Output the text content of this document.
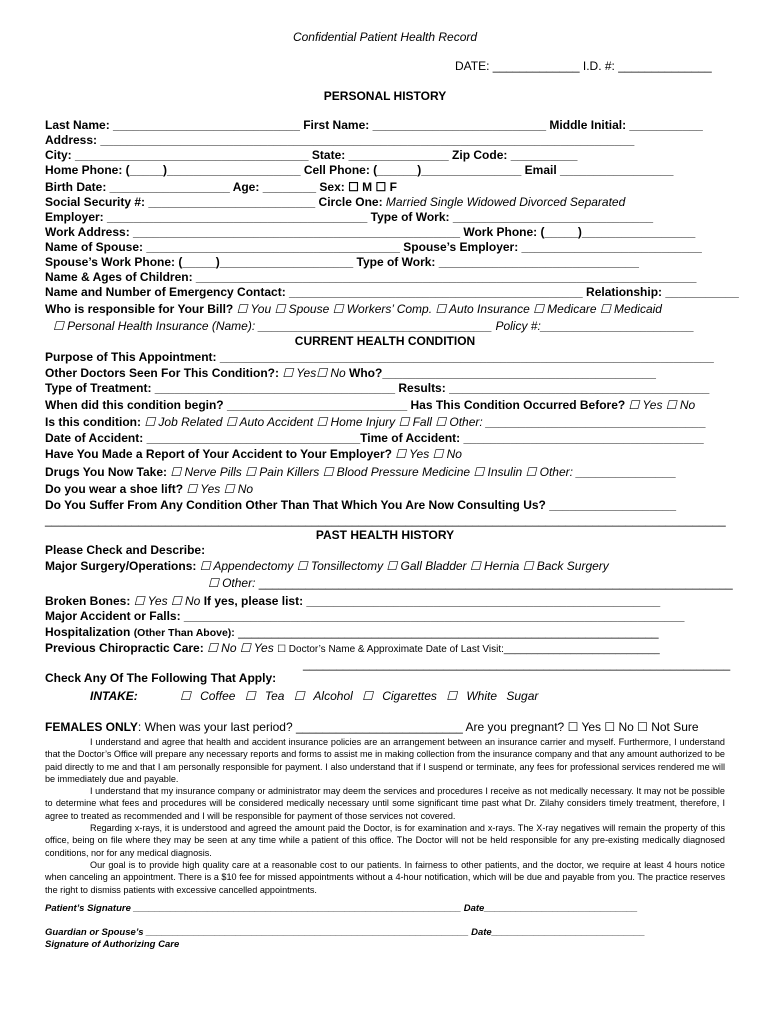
Confidential Patient Health Record
DATE: _____________ I.D. #: ______________
PERSONAL HISTORY
Last Name: ____________________________ First Name: __________________________ Middle Initial: ___________
Address: ________________________________________________________________________________
City: ___________________________________ State: _______________ Zip Code: __________
Home Phone: (_____)____________________ Cell Phone: (______)_______________ Email _________________
Birth Date: __________________ Age: ________ Sex: ☐ M ☐ F
Social Security #: _________________________ Circle One: Married Single Widowed Divorced Separated
Employer: _______________________________________ Type of Work: ______________________________
Work Address: _________________________________________________ Work Phone: (_____)_________________
Name of Spouse: ______________________________________ Spouse’s Employer: ___________________________
Spouse’s Work Phone: (_____)____________________ Type of Work: ______________________________
Name & Ages of Children: ___________________________________________________________________________
Name and Number of Emergency Contact: ____________________________________________ Relationship: ___________
Who is responsible for Your Bill? ☐ You ☐ Spouse ☐ Workers’ Comp. ☐ Auto Insurance ☐ Medicare ☐ Medicaid
☐ Personal Health Insurance (Name): ___________________________________ Policy #:_______________________
CURRENT HEALTH CONDITION
Purpose of This Appointment: __________________________________________________________________________
Other Doctors Seen For This Condition?: ☐ Yes☐ No Who?_________________________________________
Type of Treatment: ____________________________________ Results: _______________________________________
When did this condition begin? ___________________________ Has This Condition Occurred Before? ☐ Yes ☐ No
Is this condition: ☐ Job Related ☐ Auto Accident ☐ Home Injury ☐ Fall ☐ Other: _________________________________
Date of Accident: ________________________________Time of Accident: ____________________________________
Have You Made a Report of Your Accident to Your Employer? ☐ Yes ☐ No
Drugs You Now Take: ☐ Nerve Pills ☐ Pain Killers ☐ Blood Pressure Medicine ☐ Insulin ☐ Other: _______________
Do you wear a shoe lift? ☐ Yes ☐ No
Do You Suffer From Any Condition Other Than That Which You Are Now Consulting Us? ___________________
______________________________________________________________________________________________________
PAST HEALTH HISTORY
Please Check and Describe:
Major Surgery/Operations: ☐ Appendectomy ☐ Tonsillectomy ☐ Gall Bladder ☐ Hernia ☐ Back Surgery
☐ Other: _______________________________________________________________________
Broken Bones: ☐ Yes ☐ No If yes, please list: _____________________________________________________
Major Accident or Falls: ___________________________________________________________________________
Hospitalization (Other Than Above): _______________________________________________________________
Previous Chiropractic Care: ☐ No ☐ Yes ☐ Doctor’s Name & Approximate Date of Last Visit:____________________________
________________________________________________________________
Check Any Of The Following That Apply:
INTAKE:	☐ Coffee ☐ Tea ☐ Alcohol ☐ Cigarettes ☐ White Sugar
FEMALES ONLY: When was your last period? _________________________ Are you pregnant? ☐ Yes ☐ No ☐ Not Sure

I understand and agree that health and accident insurance policies are an arrangement between an insurance carrier and myself. Furthermore, I understand that the Doctor’s Office will prepare any necessary reports and forms to assist me in making collection from the insurance company and that any amount authorized to be paid directly to me and that I am personally responsible for payment. I also understand that if I suspend or terminate, any fees for professional services rendered me will be immediately due and payable.

I understand that my insurance company or administrator may deem the services and procedures I receive as not medically necessary. It may not be possible to determine what fees and procedures will be considered medically necessary until some significant time past what Dr. Zilahy considers timely treatment, therefore, I agree to treated as recommended and I will be responsible for payment of those services not covered.

Regarding x-rays, it is understood and agreed the amount paid the Doctor, is for examination and x-rays. The X-ray negatives will remain the property of this office, being on file where they may be seen at any time while a patient of this office. The Doctor will not be held responsible for any pre-existing medically diagnosed conditions, nor for any medical diagnosis.

Our goal is to provide high quality care at a reasonable cost to our patients. In fairness to other patients, and the doctor, we require at least 4 hours notice when canceling an appointment. There is a $10 fee for missed appointments without a 4-hour notification, which will be due and payable from you. The practice reserves the right to dismiss patients with excessive cancelled appointments.

Patient’s Signature ______________________________________________________________ Date_____________________________
Guardian or Spouse’s _____________________________________________________________ Date_____________________________
Signature of Authorizing Care
